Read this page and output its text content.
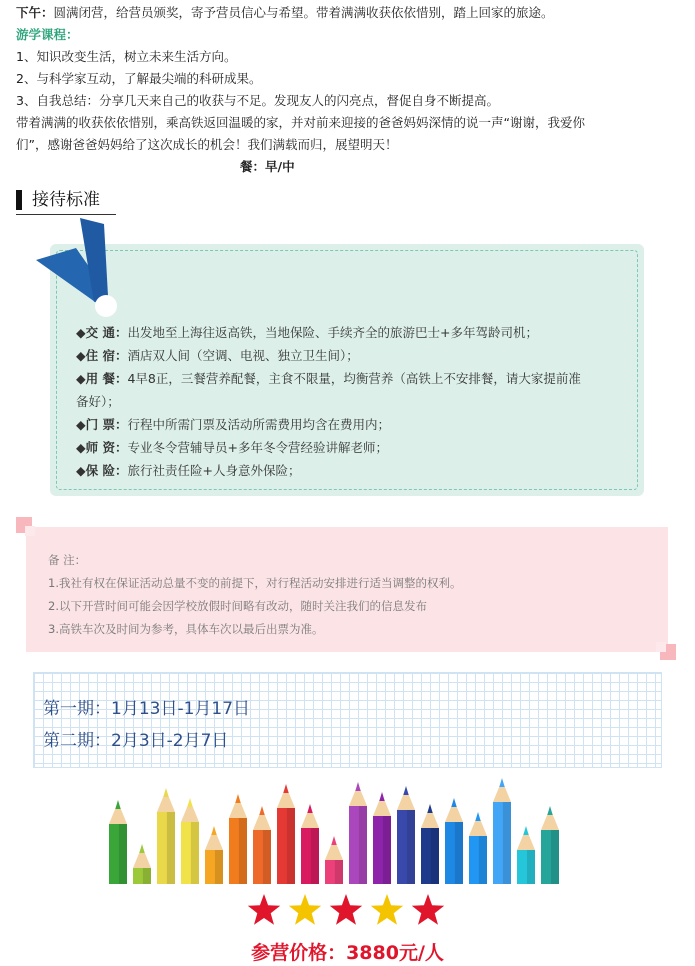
下午：圆满闭营，给营员颁奖，寄予营员信心与希望。带着满满收获依依惜别，踏上回家的旅途。
游学课程：
1、知识改变生活，树立未来生活方向。
2、与科学家互动，了解最尖端的科研成果。
3、自我总结：分享几天来自己的收获与不足。发现友人的闪亮点，督促自身不断提高。
带着满满的收获依依惜别，乘高铁返回温暖的家，并对前来迎接的爸爸妈妈深情的说一声“谢谢，我爱你
们”，感谢爸爸妈妈给了这次成长的机会！我们满载而归，展望明天！
餐：早/中
接待标准
◆交 通：出发地至上海往返高铁，当地保险、手续齐全的旅游巴士+多年驾龄司机；
◆住 宿：酒店双人间（空调、电视、独立卫生间）；
◆用 餐：4早8正，三餐营养配餐，主食不限量，均衡营养（高铁上不安排餐，请大家提前准
备好）；
◆门 票：行程中所需门票及活动所需费用均含在费用内；
◆师 资：专业冬令营辅导员+多年冬令营经验讲解老师；
◆保 险：旅行社责任险+人身意外保险；
备 注：
1.我社有权在保证活动总量不变的前提下，对行程活动安排进行适当调整的权利。
2.以下开营时间可能会因学校放假时间略有改动，随时关注我们的信息发布
3.高铁车次及时间为参考，具体车次以最后出票为准。
第一期：1月13日-1月17日
第二期：2月3日-2月7日
参营价格：3880元/人
